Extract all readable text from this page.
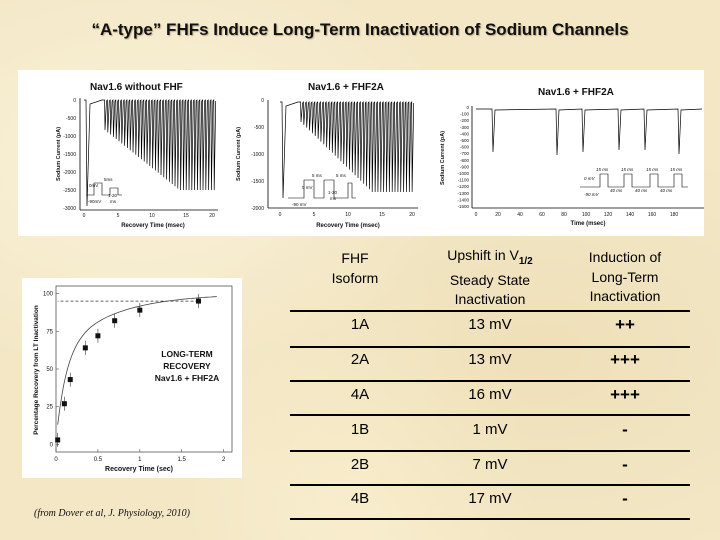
“A-type” FHFs Induce Long-Term Inactivation of Sodium Channels
Nav1.6 without FHF
0
-500
-1000
-1500
-2000
-2500
-3000
0	5	10	15	20
Recovery Time (msec)
Sodium Current (pA)
0mV
5ms
-90mV
1-20
ms
Nav1.6 + FHF2A
0
-500
-1000
-1500
-2000
0	5	10	15	20
Recovery Time (msec)
Sodium Current (pA)
0 mV
5 ms
-90 mV
5 ms
1-20
ms
Nav1.6 + FHF2A
0
-100
-200
-300
-400
-500
-600
-700
-800
-900
-1000
-1100
-1200
-1300
-1400
-1500
0	20	40	60	80	100	120	140	160	180
Time (msec)
Sodium Current (pA)	15 ms	15 ms	15 ms	15 ms
0 mV
-90 mV
40 ms	40 ms	40 ms
0
25
50
75
100
0	0.5	1	1.5	2
Recovery Time (sec)
Percentage Recovery from LT Inactivation	LONG-TERM
RECOVERY
Nav1.6 + FHF2A
(from Dover et al, J. Physiology, 2010)
FHF
Isoform
Upshift in $V_{1/2}$
Steady State
Inactivation
Induction of
Long-Term
Inactivation
1A	13 mV	++
2A	13 mV	+++
4A	16 mV	+++
1B	1 mV	-
2B	7 mV	-
4B	17 mV	-
